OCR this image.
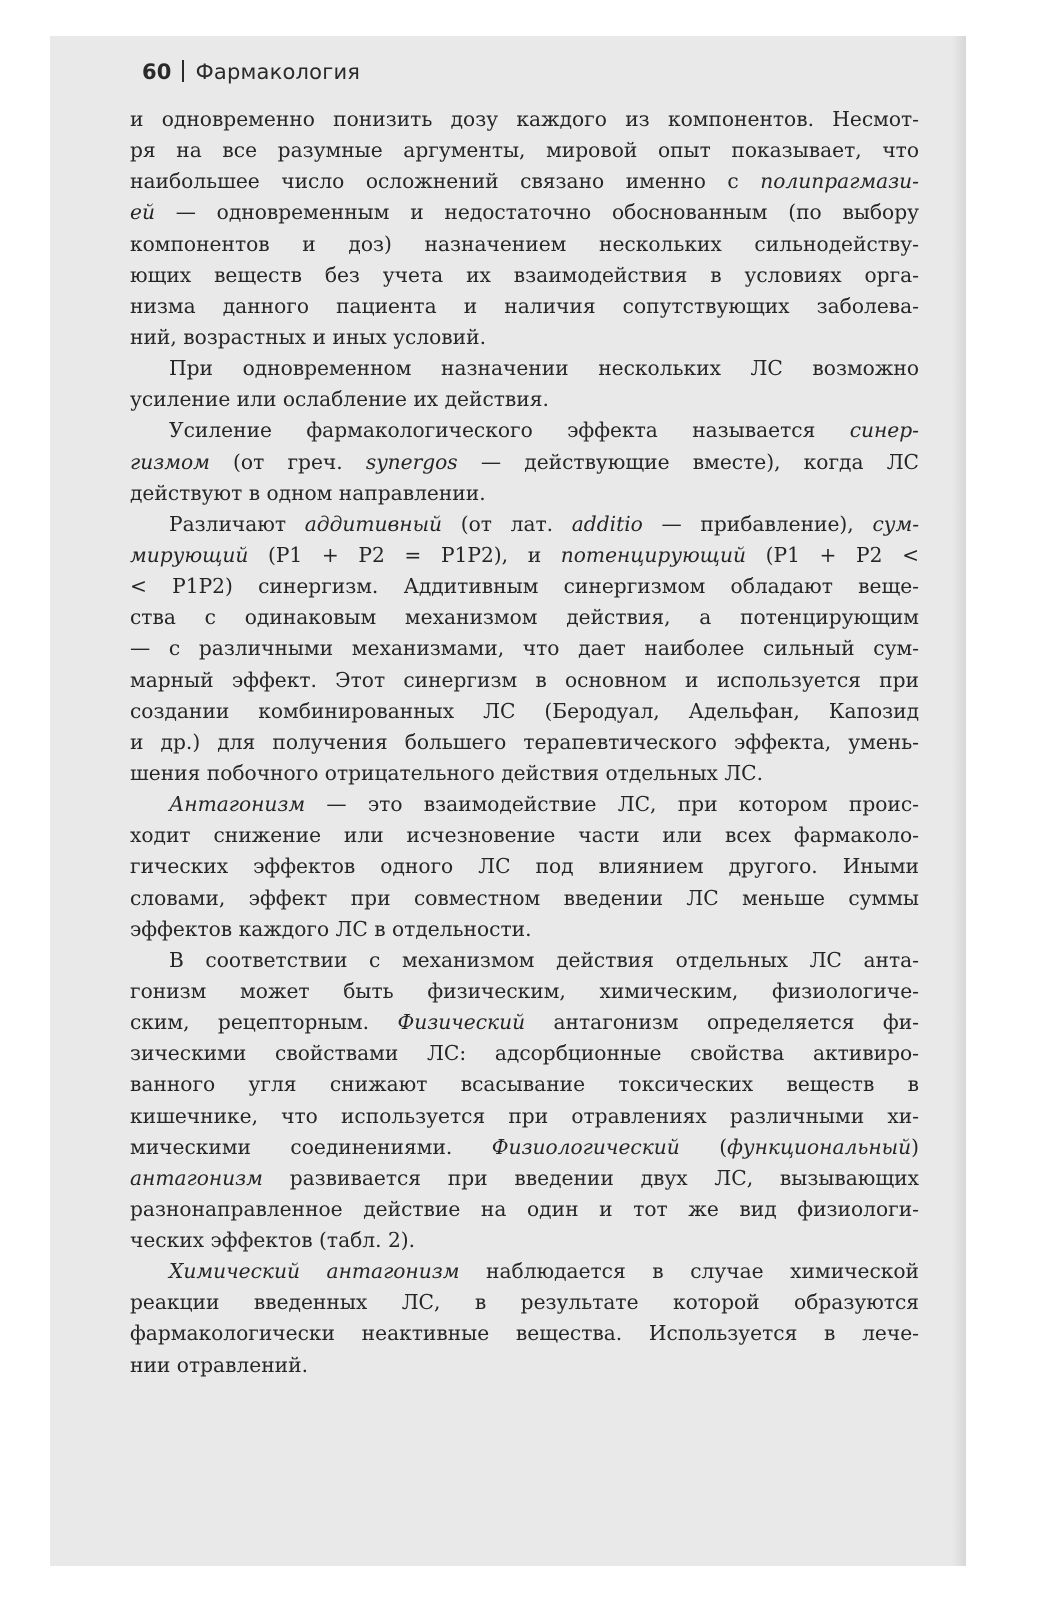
60 Фармакология
и одновременно понизить дозу каждого из компонентов. Несмот-
ря на все разумные аргументы, мировой опыт показывает, что
наибольшее число осложнений связано именно с полипрагмази-
ей — одновременным и недостаточно обоснованным (по выбору
компонентов и доз) назначением нескольких сильнодейству-
ющих веществ без учета их взаимодействия в условиях орга-
низма данного пациента и наличия сопутствующих заболева-
ний, возрастных и иных условий.
При одновременном назначении нескольких ЛС возможно
усиление или ослабление их действия.
Усиление фармакологического эффекта называется синер-
гизмом (от греч. synergos — действующие вместе), когда ЛС
действуют в одном направлении.
Различают аддитивный (от лат. additio — прибавление), сум-
мирующий (P1 + P2 = P1P2), и потенцирующий (P1 + P2 <
< P1P2) синергизм. Аддитивным синергизмом обладают веще-
ства с одинаковым механизмом действия, а потенцирующим
— с различными механизмами, что дает наиболее сильный сум-
марный эффект. Этот синергизм в основном и используется при
создании комбинированных ЛС (Беродуал, Адельфан, Капозид
и др.) для получения большего терапевтического эффекта, умень-
шения побочного отрицательного действия отдельных ЛС.
Антагонизм — это взаимодействие ЛС, при котором проис-
ходит снижение или исчезновение части или всех фармаколо-
гических эффектов одного ЛС под влиянием другого. Иными
словами, эффект при совместном введении ЛС меньше суммы
эффектов каждого ЛС в отдельности.
В соответствии с механизмом действия отдельных ЛС анта-
гонизм может быть физическим, химическим, физиологиче-
ским, рецепторным. Физический антагонизм определяется фи-
зическими свойствами ЛС: адсорбционные свойства активиро-
ванного угля снижают всасывание токсических веществ в
кишечнике, что используется при отравлениях различными хи-
мическими соединениями. Физиологический (функциональный)
антагонизм развивается при введении двух ЛС, вызывающих
разнонаправленное действие на один и тот же вид физиологи-
ческих эффектов (табл. 2).
Химический антагонизм наблюдается в случае химической
реакции введенных ЛС, в результате которой образуются
фармакологически неактивные вещества. Используется в лече-
нии отравлений.
